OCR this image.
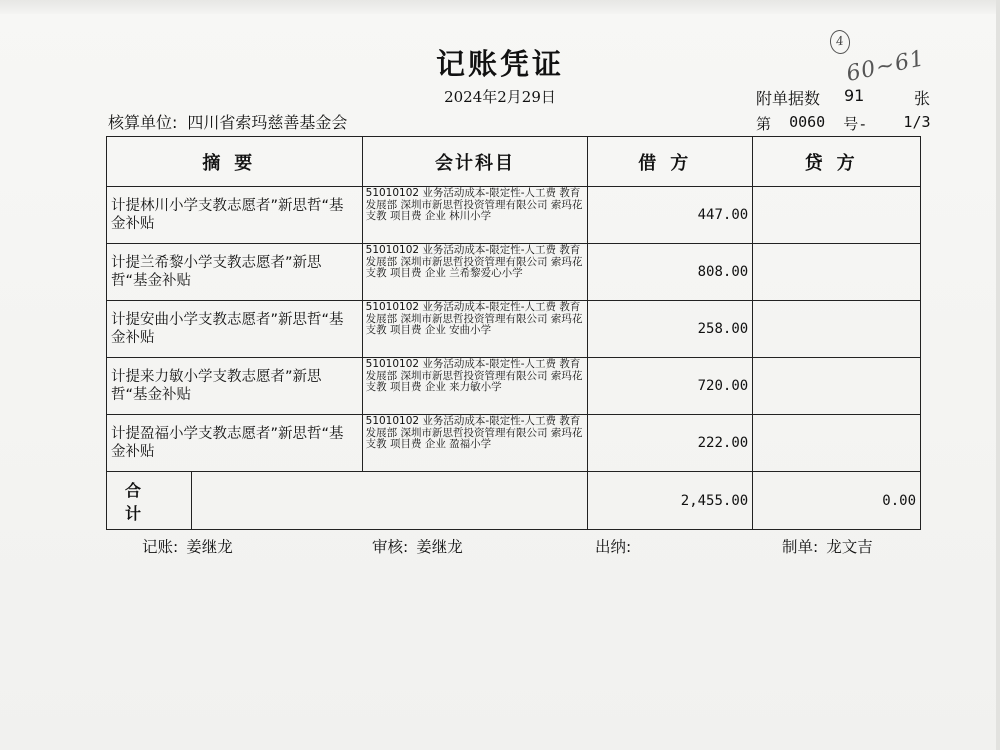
记账凭证
2024年2月29日
4
60~61
核算单位: 四川省索玛慈善基金会
附单据数	91	张
第
0060
号-
1/3
摘要	会计科目	借方	贷方
计提林川小学支教志愿者”新思哲“基金补贴	51010102 业务活动成本-限定性-人工费 教育发展部 深圳市新思哲投资管理有限公司 索玛花支教 项目费 企业 林川小学	447.00	
计提兰希黎小学支教志愿者”新思哲“基金补贴	51010102 业务活动成本-限定性-人工费 教育发展部 深圳市新思哲投资管理有限公司 索玛花支教 项目费 企业 兰希黎爱心小学	808.00	
计提安曲小学支教志愿者”新思哲“基金补贴	51010102 业务活动成本-限定性-人工费 教育发展部 深圳市新思哲投资管理有限公司 索玛花支教 项目费 企业 安曲小学	258.00	
计提来力敏小学支教志愿者”新思哲“基金补贴	51010102 业务活动成本-限定性-人工费 教育发展部 深圳市新思哲投资管理有限公司 索玛花支教 项目费 企业 来力敏小学	720.00	
计提盈福小学支教志愿者”新思哲“基金补贴	51010102 业务活动成本-限定性-人工费 教育发展部 深圳市新思哲投资管理有限公司 索玛花支教 项目费 企业 盈福小学	222.00	

合计		2,455.00	0.00
记账: 姜继龙	审核: 姜继龙	出纳:	制单: 龙文吉
